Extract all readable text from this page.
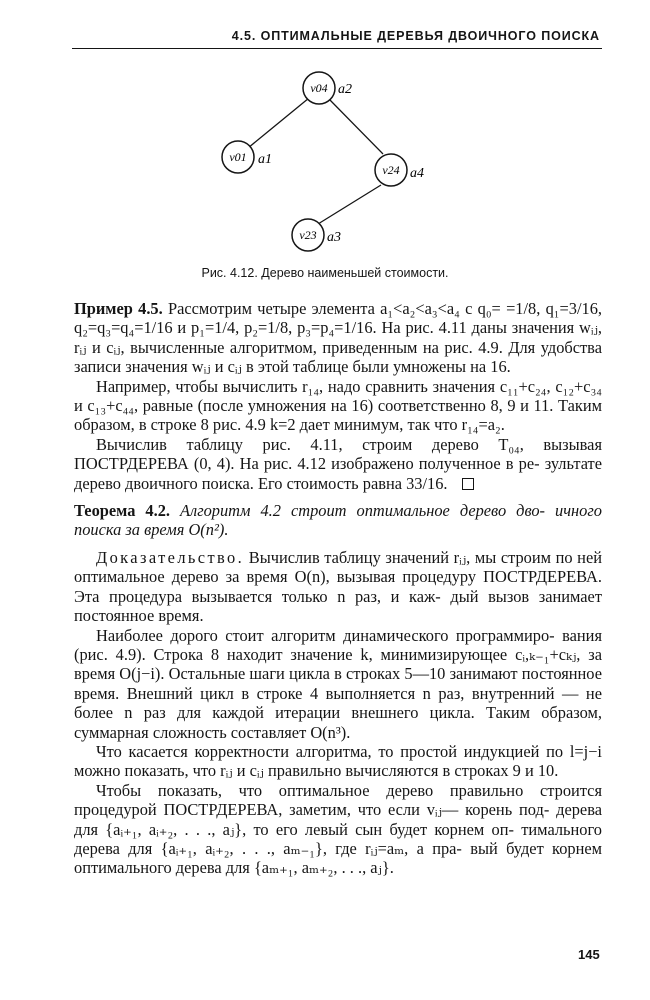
4.5. ОПТИМАЛЬНЫЕ ДЕРЕВЬЯ ДВОИЧНОГО ПОИСКА
v04 a2
v01 a1
v24 a4
v23 a3
Рис. 4.12. Дерево наименьшей стоимости.

Пример 4.5. Рассмотрим четыре элемента a₁<a₂<a₃<a₄ с q₀= =1/8, q₁=3/16, q₂=q₃=q₄=1/16 и p₁=1/4, p₂=1/8, p₃=p₄=1/16. На рис. 4.11 даны значения wᵢⱼ, rᵢⱼ и cᵢⱼ, вычисленные алгоритмом, приведенным на рис. 4.9. Для удобства записи значения wᵢⱼ и cᵢⱼ в этой таблице были умножены на 16.

Например, чтобы вычислить r₁₄, надо сравнить значения c₁₁+c₂₄, c₁₂+c₃₄ и c₁₃+c₄₄, равные (после умножения на 16) соответственно 8, 9 и 11. Таким образом, в строке 8 рис. 4.9 k=2 дает минимум, так что r₁₄=a₂.

Вычислив таблицу рис. 4.11, строим дерево T₀₄, вызывая ПОСТРДЕРЕВА (0, 4). На рис. 4.12 изображено полученное в ре- зультате дерево двоичного поиска. Его стоимость равна 33/16.

Теорема 4.2. Алгоритм 4.2 строит оптимальное дерево дво- ичного поиска за время O(n²).

Доказательство. Вычислив таблицу значений rᵢⱼ, мы строим по ней оптимальное дерево за время O(n), вызывая процедуру ПОСТРДЕРЕВА. Эта процедура вызывается только n раз, и каж- дый вызов занимает постоянное время.

Наиболее дорого стоит алгоритм динамического программиро- вания (рис. 4.9). Строка 8 находит значение k, минимизирующее cᵢ,ₖ₋₁+cₖⱼ, за время O(j−i). Остальные шаги цикла в строках 5—10 занимают постоянное время. Внешний цикл в строке 4 выполняется n раз, внутренний — не более n раз для каждой итерации внешнего цикла. Таким образом, суммарная сложность составляет O(n³).

Что касается корректности алгоритма, то простой индукцией по l=j−i можно показать, что rᵢⱼ и cᵢⱼ правильно вычисляются в строках 9 и 10.

Чтобы показать, что оптимальное дерево правильно строится процедурой ПОСТРДЕРЕВА, заметим, что если vᵢⱼ— корень под- дерева для {aᵢ₊₁, aᵢ₊₂, . . ., aⱼ}, то его левый сын будет корнем оп- тимального дерева для {aᵢ₊₁, aᵢ₊₂, . . ., aₘ₋₁}, где rᵢⱼ=aₘ, а пра- вый будет корнем оптимального дерева для {aₘ₊₁, aₘ₊₂, . . ., aⱼ}.

145
